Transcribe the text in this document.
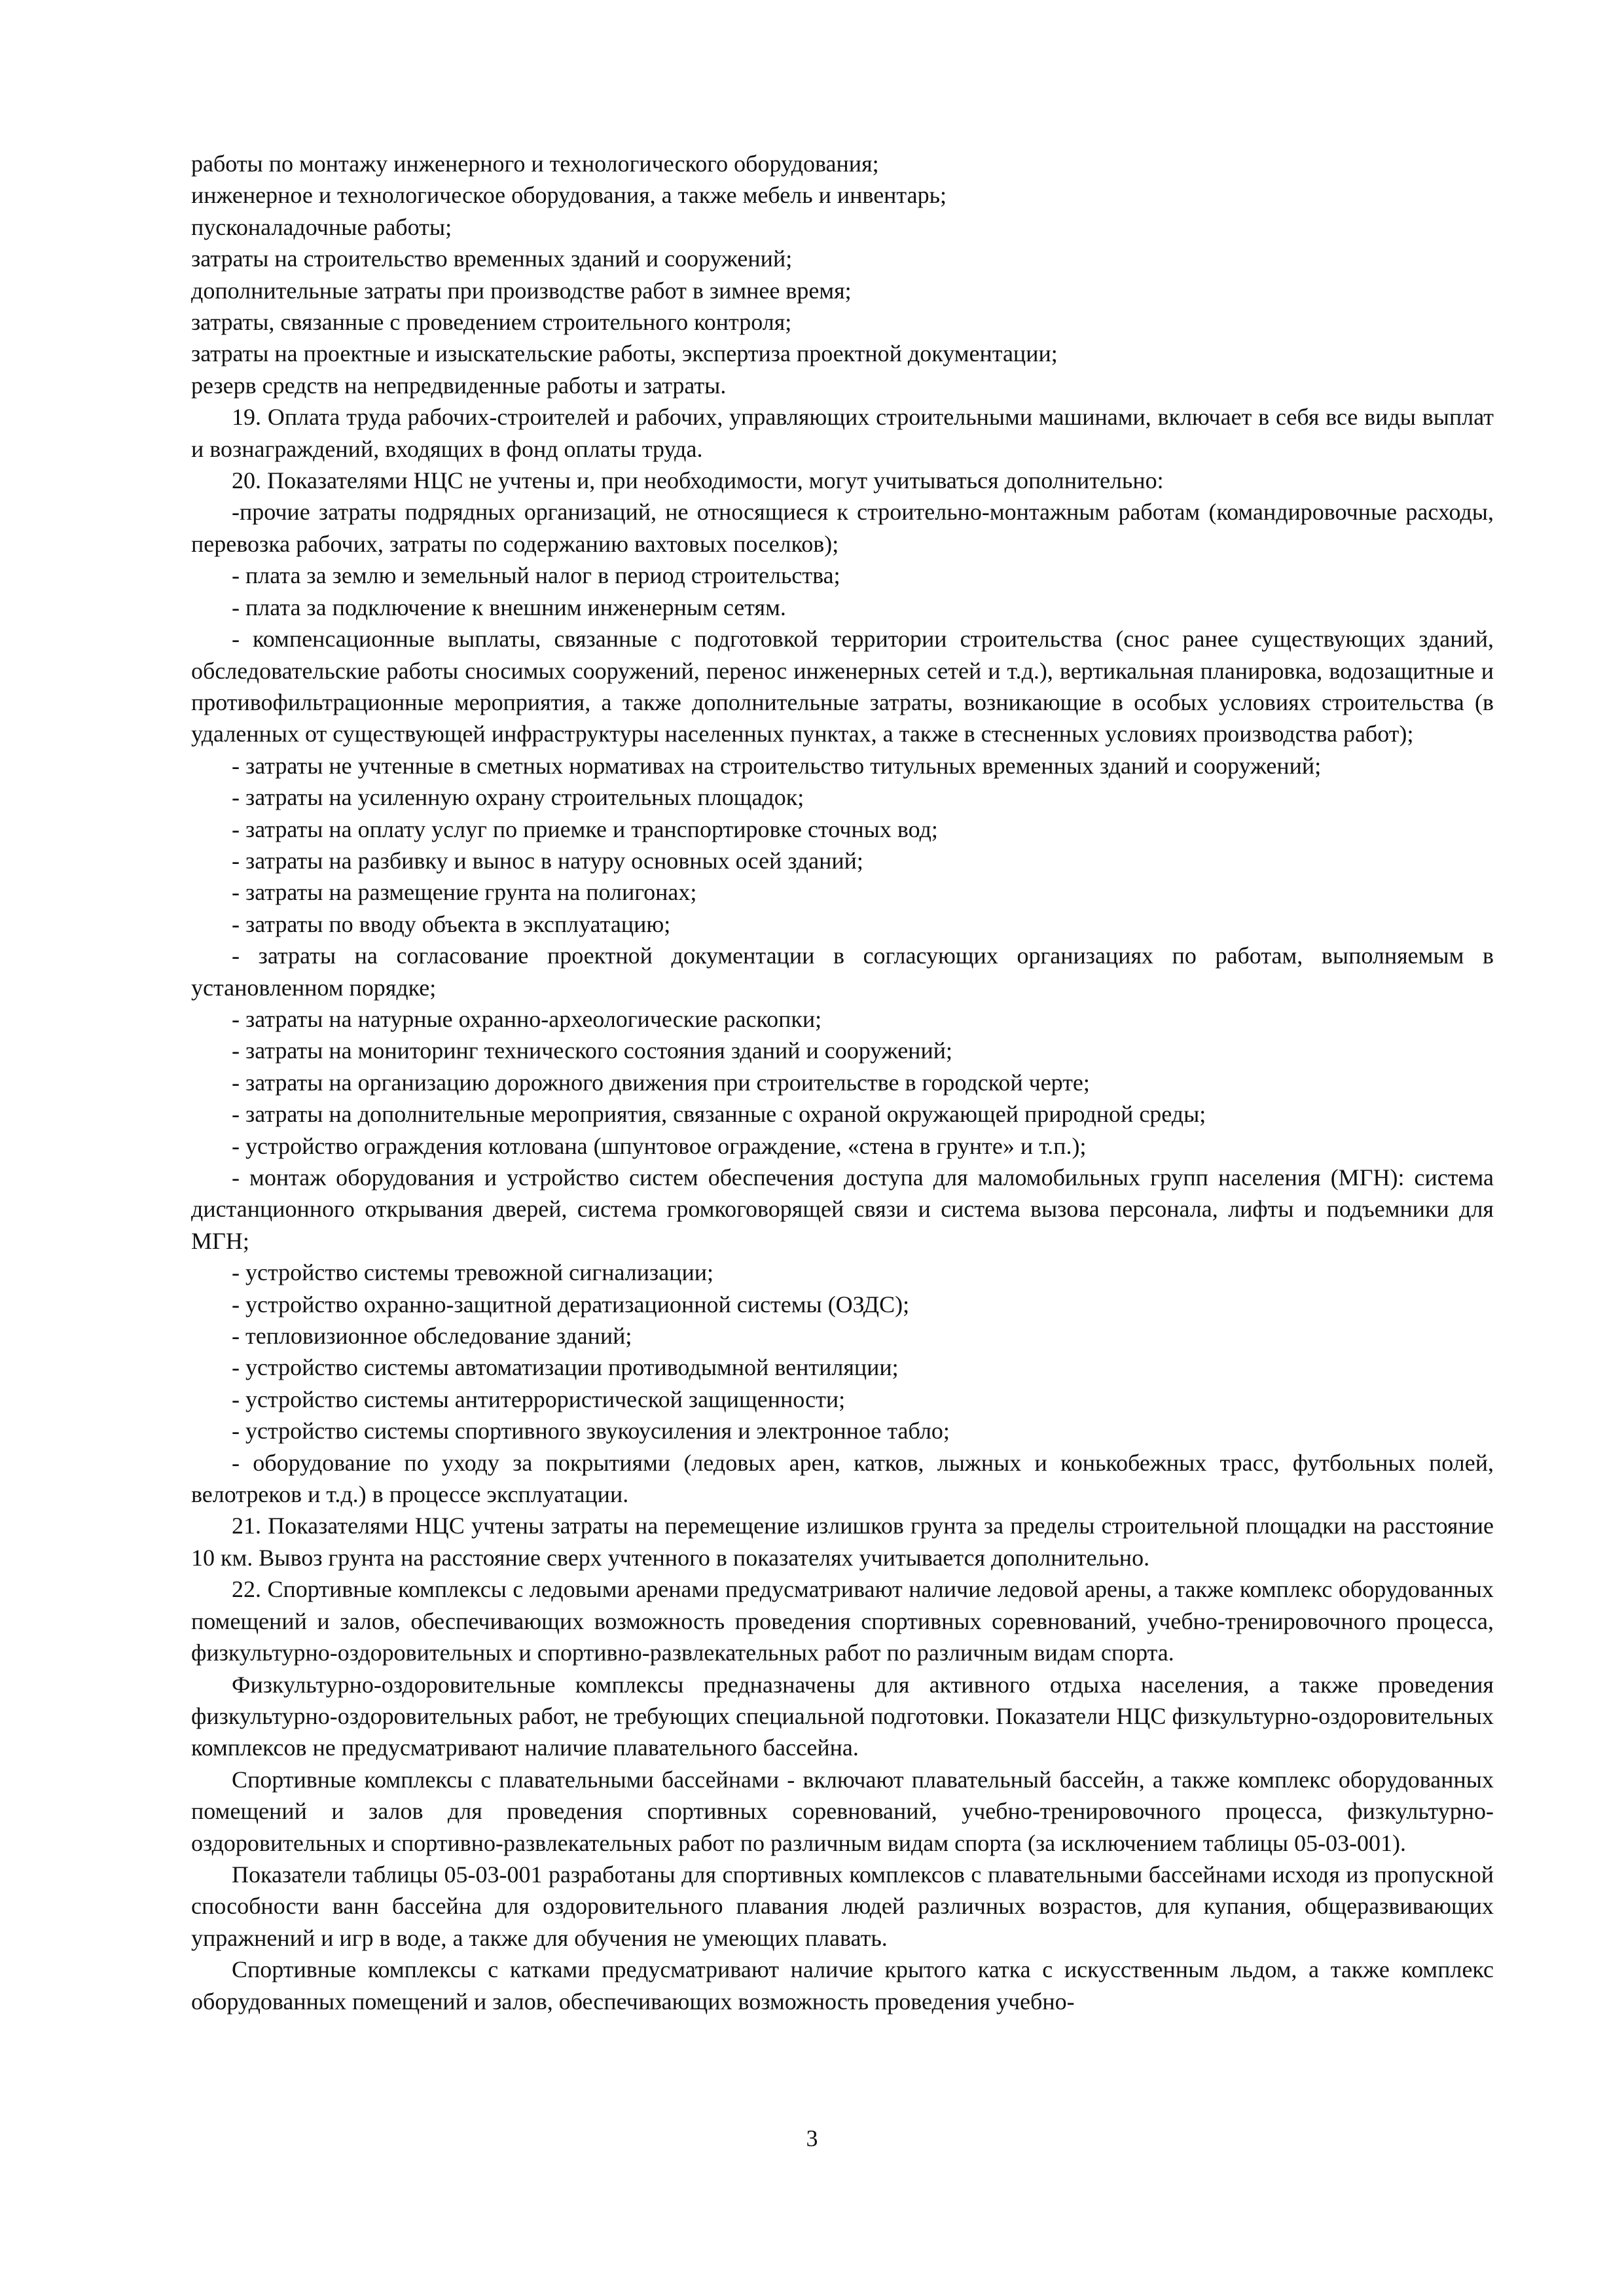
работы по монтажу инженерного и технологического оборудования;

инженерное и технологическое оборудования, а также мебель и инвентарь;

пусконаладочные работы;

затраты на строительство временных зданий и сооружений;

дополнительные затраты при производстве работ в зимнее время;

затраты, связанные с проведением строительного контроля;

затраты на проектные и изыскательские работы, экспертиза проектной документации;

резерв средств на непредвиденные работы и затраты.

19. Оплата труда рабочих-строителей и рабочих, управляющих строительными машинами, включает в себя все виды выплат и вознаграждений, входящих в фонд оплаты труда.

20. Показателями НЦС не учтены и, при необходимости, могут учитываться дополнительно:

-прочие затраты подрядных организаций, не относящиеся к строительно-монтажным работам (командировочные расходы, перевозка рабочих, затраты по содержанию вахтовых поселков);

- плата за землю и земельный налог в период строительства;

- плата за подключение к внешним инженерным сетям.

- компенсационные выплаты, связанные с подготовкой территории строительства (снос ранее существующих зданий, обследовательские работы сносимых сооружений, перенос инженерных сетей и т.д.), вертикальная планировка, водозащитные и противофильтрационные мероприятия, а также дополнительные затраты, возникающие в особых условиях строительства (в удаленных от существующей инфраструктуры населенных пунктах, а также в стесненных условиях производства работ);

- затраты не учтенные в сметных нормативах на строительство титульных временных зданий и сооружений;

- затраты на усиленную охрану строительных площадок;

- затраты на оплату услуг по приемке и транспортировке сточных вод;

- затраты на разбивку и вынос в натуру основных осей зданий;

- затраты на размещение грунта на полигонах;

- затраты по вводу объекта в эксплуатацию;

- затраты на согласование проектной документации в согласующих организациях по работам, выполняемым в установленном порядке;

- затраты на натурные охранно-археологические раскопки;

- затраты на мониторинг технического состояния зданий и сооружений;

- затраты на организацию дорожного движения при строительстве в городской черте;

- затраты на дополнительные мероприятия, связанные с охраной окружающей природной среды;

- устройство ограждения котлована (шпунтовое ограждение, «стена в грунте» и т.п.);

- монтаж оборудования и устройство систем обеспечения доступа для маломобильных групп населения (МГН): система дистанционного открывания дверей, система громкоговорящей связи и система вызова персонала, лифты и подъемники для МГН;

- устройство системы тревожной сигнализации;

- устройство охранно-защитной дератизационной системы (ОЗДС);

- тепловизионное обследование зданий;

- устройство системы автоматизации противодымной вентиляции;

- устройство системы антитеррористической защищенности;

- устройство системы спортивного звукоусиления и электронное табло;

- оборудование по уходу за покрытиями (ледовых арен, катков, лыжных и конькобежных трасс, футбольных полей, велотреков и т.д.) в процессе эксплуатации.

21. Показателями НЦС учтены затраты на перемещение излишков грунта за пределы строительной площадки на расстояние 10 км. Вывоз грунта на расстояние сверх учтенного в показателях учитывается дополнительно.

22. Спортивные комплексы с ледовыми аренами предусматривают наличие ледовой арены, а также комплекс оборудованных помещений и залов, обеспечивающих возможность проведения спортивных соревнований, учебно-тренировочного процесса, физкультурно-оздоровительных и спортивно-развлекательных работ по различным видам спорта.

Физкультурно-оздоровительные комплексы предназначены для активного отдыха населения, а также проведения физкультурно-оздоровительных работ, не требующих специальной подготовки. Показатели НЦС физкультурно-оздоровительных комплексов не предусматривают наличие плавательного бассейна.

Спортивные комплексы с плавательными бассейнами - включают плавательный бассейн, а также комплекс оборудованных помещений и залов для проведения спортивных соревнований, учебно-тренировочного процесса, физкультурно-оздоровительных и спортивно-развлекательных работ по различным видам спорта (за исключением таблицы 05-03-001).

Показатели таблицы 05-03-001 разработаны для спортивных комплексов с плавательными бассейнами исходя из пропускной способности ванн бассейна для оздоровительного плавания людей различных возрастов, для купания, общеразвивающих упражнений и игр в воде, а также для обучения не умеющих плавать.

Спортивные комплексы с катками предусматривают наличие крытого катка с искусственным льдом, а также комплекс оборудованных помещений и залов, обеспечивающих возможность проведения учебно-

3
